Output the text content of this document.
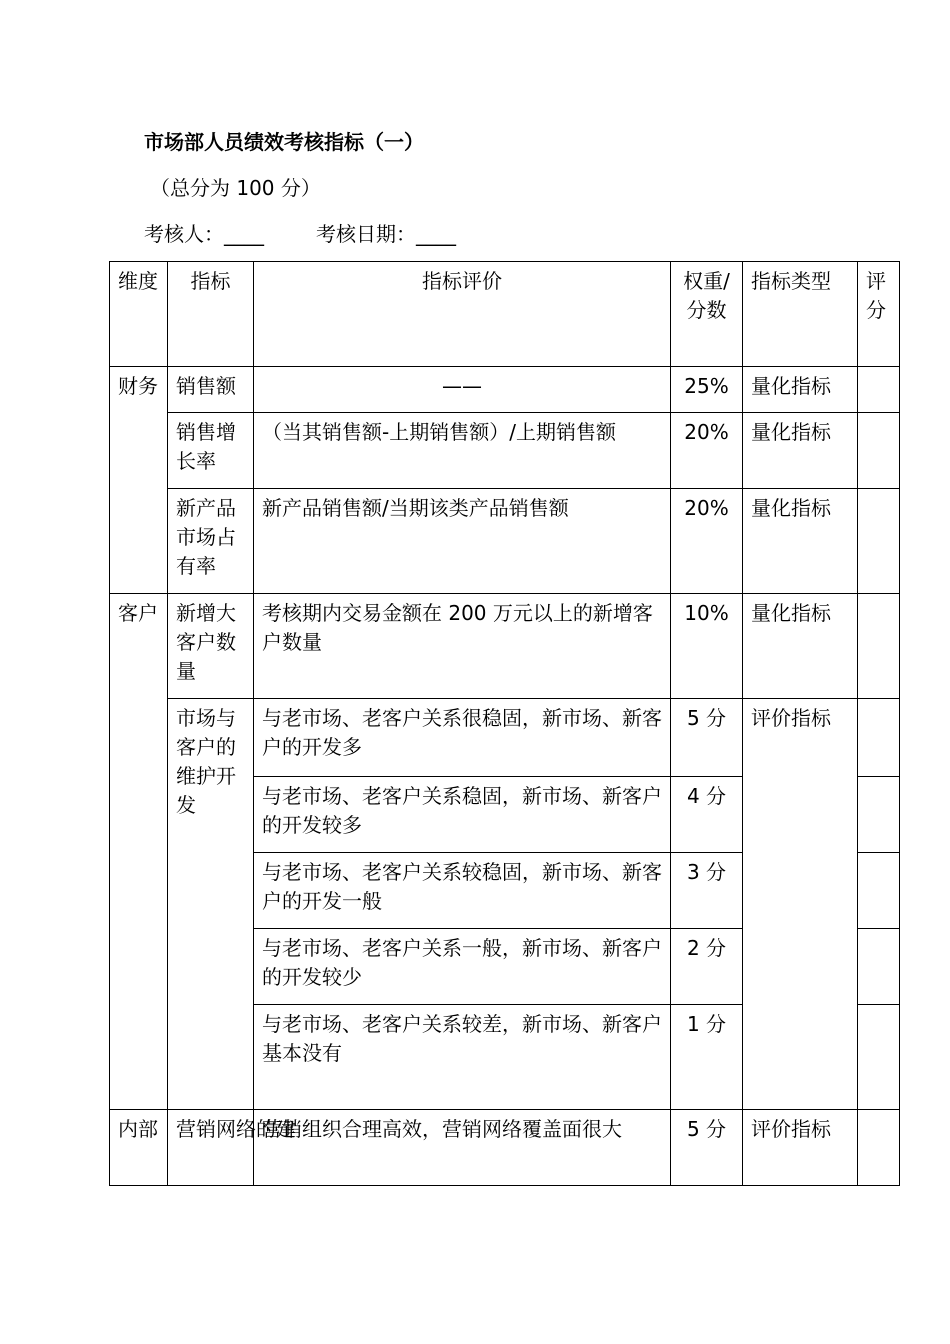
市场部人员绩效考核指标（一）
（总分为 100 分）
考核人：____	考核日期：____
维度	指标	指标评价	权重/分数	指标类型	评分
财务	销售额	——	25%	量化指标	
	销售增长率	（当其销售额-上期销售额）/上期销售额	20%	量化指标	
	新产品市场占有率	新产品销售额/当期该类产品销售额	20%	量化指标	
客户	新增大客户数量	考核期内交易金额在 200 万元以上的新增客户数量	10%	量化指标	
	市场与客户的维护开发	与老市场、老客户关系很稳固，新市场、新客户的开发多	5 分	评价指标	
		与老市场、老客户关系稳固，新市场、新客户的开发较多	4 分		
		与老市场、老客户关系较稳固，新市场、新客户的开发一般	3 分		
		与老市场、老客户关系一般，新市场、新客户的开发较少	2 分		
		与老市场、老客户关系较差，新市场、新客户基本没有	1 分		
内部	营销网络的建	营销组织合理高效，营销网络覆盖面很大	5 分	评价指标	
